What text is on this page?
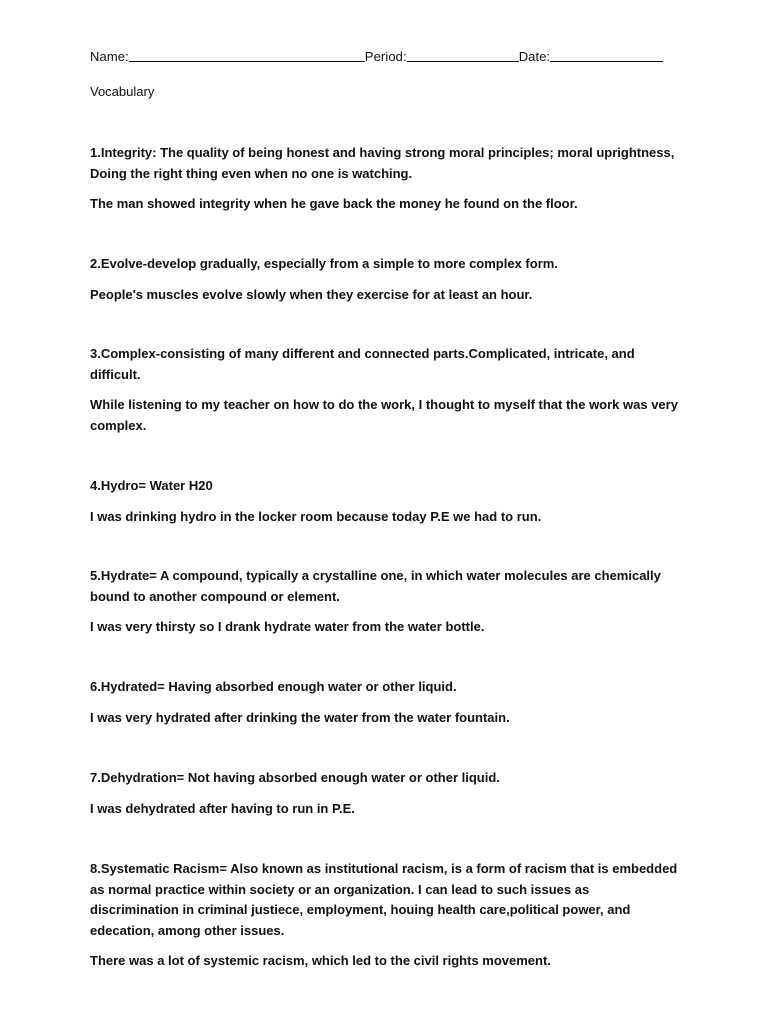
Name:	Period:	Date:
Vocabulary

1.Integrity: The quality of being honest and having strong moral principles; moral uprightness, Doing the right thing even when no one is watching.

The man showed integrity when he gave back the money he found on the floor.

2.Evolve-develop gradually, especially from a simple to more complex form.

People's muscles evolve slowly when they exercise for at least an hour.

3.Complex-consisting of many different and connected parts.Complicated, intricate, and difficult.

While listening to my teacher on how to do the work, I thought to myself that the work was very complex.

4.Hydro= Water H20

I was drinking hydro in the locker room because today P.E we had to run.

5.Hydrate= A compound, typically a crystalline one, in which water molecules are chemically bound to another compound or element.

I was very thirsty so I drank hydrate water from the water bottle.

6.Hydrated= Having absorbed enough water or other liquid.

I was very hydrated after drinking the water from the water fountain.

7.Dehydration= Not having absorbed enough water or other liquid.

I was dehydrated after having to run in P.E.

8.Systematic Racism= Also known as institutional racism, is a form of racism that is embedded as normal practice within society or an organization. I can lead to such issues as discrimination in criminal justiece, employment, houing health care,political power, and edecation, among other issues.

There was a lot of systemic racism, which led to the civil rights movement.
